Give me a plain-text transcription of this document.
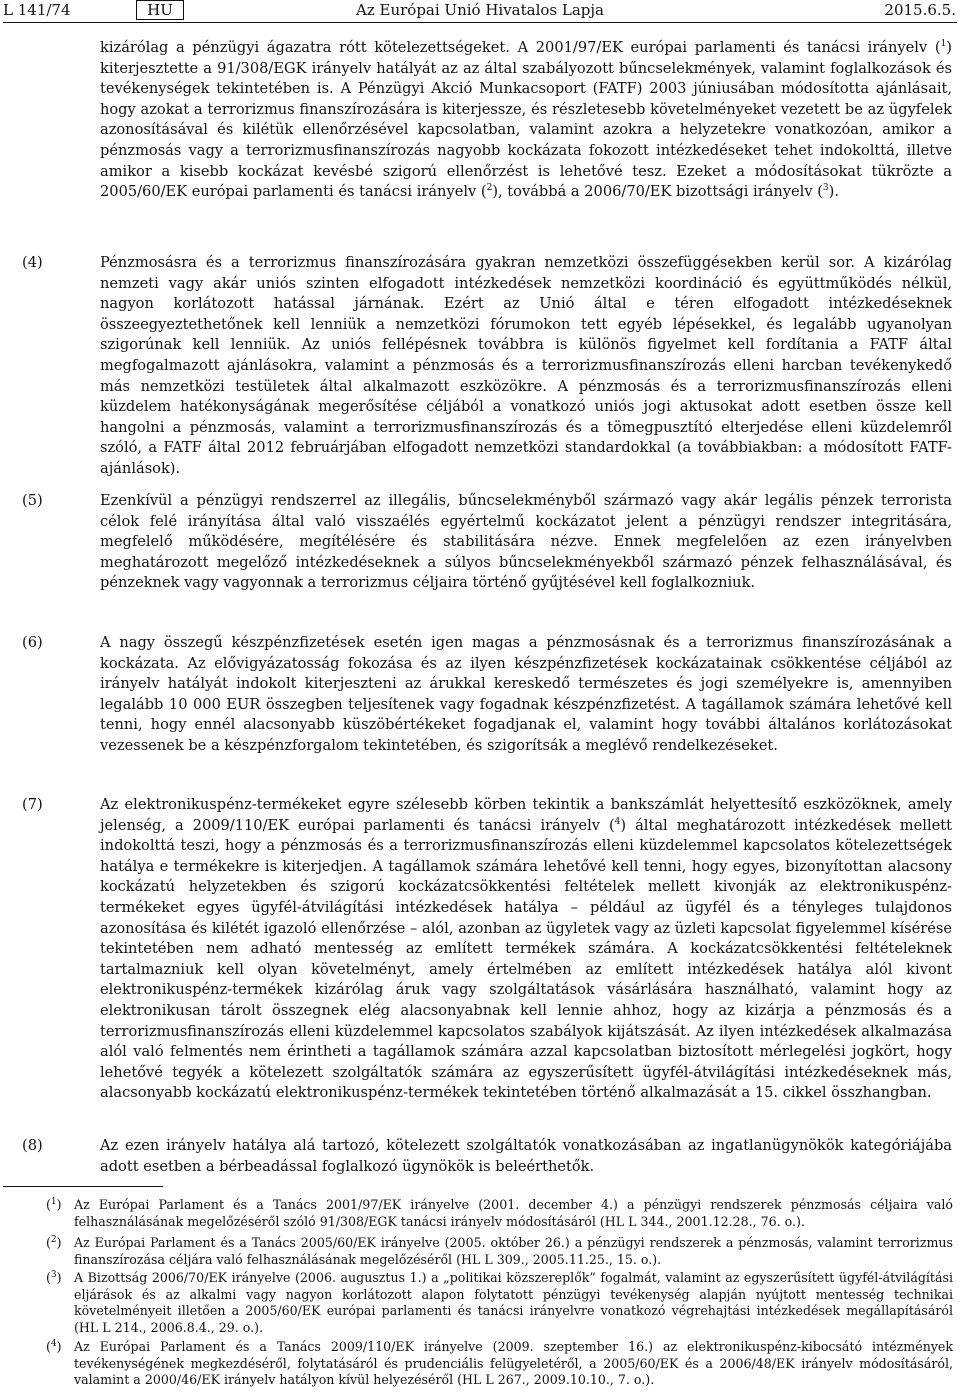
L 141/74	HU	Az Európai Unió Hivatalos Lapja	2015.6.5.
kizárólag a pénzügyi ágazatra rótt kötelezettségeket. A 2001/97/EK európai parlamenti és tanácsi irányelv ($^1$) kiterjesztette a 91/308/EGK irányelv hatályát az az által szabályozott bűncselekmények, valamint foglalkozások és tevékenységek tekintetében is. A Pénzügyi Akció Munkacsoport (FATF) 2003 júniusában módosította ajánlásait, hogy azokat a terrorizmus finanszírozására is kiterjessze, és részletesebb követelményeket vezetett be az ügyfelek azonosításával és kilétük ellenőrzésével kapcsolatban, valamint azokra a helyzetekre vonatkozóan, amikor a pénzmosás vagy a terrorizmusfinanszírozás nagyobb kockázata fokozott intézkedéseket tehet indokolttá, illetve amikor a kisebb kockázat kevésbé szigorú ellenőrzést is lehetővé tesz. Ezeket a módosításokat tükrözte a 2005/60/EK európai parlamenti és tanácsi irányelv ($^2$), továbbá a 2006/70/EK bizottsági irányelv ($^3$).
(4)	Pénzmosásra és a terrorizmus finanszírozására gyakran nemzetközi összefüggésekben kerül sor. A kizárólag nemzeti vagy akár uniós szinten elfogadott intézkedések nemzetközi koordináció és együttműködés nélkül, nagyon korlátozott hatással járnának. Ezért az Unió által e téren elfogadott intézkedéseknek összeegyeztethetőnek kell lenniük a nemzetközi fórumokon tett egyéb lépésekkel, és legalább ugyanolyan szigorúnak kell lenniük. Az uniós fellépésnek továbbra is különös figyelmet kell fordítania a FATF által megfogalmazott ajánlásokra, valamint a pénzmosás és a terrorizmusfinanszírozás elleni harcban tevékenykedő más nemzetközi testületek által alkalmazott eszközökre. A pénzmosás és a terrorizmusfinanszírozás elleni küzdelem hatékonyságának megerősítése céljából a vonatkozó uniós jogi aktusokat adott esetben össze kell hangolni a pénzmosás, valamint a terrorizmusfinanszírozás és a tömegpusztító elterjedése elleni küzdelemről szóló, a FATF által 2012 februárjában elfogadott nemzetközi standardokkal (a továbbiakban: a módosított FATF-ajánlások).
(5)	Ezenkívül a pénzügyi rendszerrel az illegális, bűncselekményből származó vagy akár legális pénzek terrorista célok felé irányítása által való visszaélés egyértelmű kockázatot jelent a pénzügyi rendszer integritására, megfelelő működésére, megítélésére és stabilitására nézve. Ennek megfelelően az ezen irányelvben meghatározott megelőző intézkedéseknek a súlyos bűncselekményekből származó pénzek felhasználásával, és pénzeknek vagy vagyonnak a terrorizmus céljaira történő gyűjtésével kell foglalkozniuk.
(6)	A nagy összegű készpénzfizetések esetén igen magas a pénzmosásnak és a terrorizmus finanszírozásának a kockázata. Az elővigyázatosság fokozása és az ilyen készpénzfizetések kockázatainak csökkentése céljából az irányelv hatályát indokolt kiterjeszteni az árukkal kereskedő természetes és jogi személyekre is, amennyiben legalább 10 000 EUR összegben teljesítenek vagy fogadnak készpénzfizetést. A tagállamok számára lehetővé kell tenni, hogy ennél alacsonyabb küszöbértékeket fogadjanak el, valamint hogy további általános korlátozásokat vezessenek be a készpénzforgalom tekintetében, és szigorítsák a meglévő rendelkezéseket.
(7)	Az elektronikuspénz-termékeket egyre szélesebb körben tekintik a bankszámlát helyettesítő eszközöknek, amely jelenség, a 2009/110/EK európai parlamenti és tanácsi irányelv ($^4$) által meghatározott intézkedések mellett indokolttá teszi, hogy a pénzmosás és a terrorizmusfinanszírozás elleni küzdelemmel kapcsolatos kötelezettségek hatálya e termékekre is kiterjedjen. A tagállamok számára lehetővé kell tenni, hogy egyes, bizonyítottan alacsony kockázatú helyzetekben és szigorú kockázatcsökkentési feltételek mellett kivonják az elektronikuspénz-termékeket egyes ügyfél-átvilágítási intézkedések hatálya – például az ügyfél és a tényleges tulajdonos azonosítása és kilétét igazoló ellenőrzése – alól, azonban az ügyletek vagy az üzleti kapcsolat figyelemmel kísérése tekintetében nem adható mentesség az említett termékek számára. A kockázatcsökkentési feltételeknek tartalmazniuk kell olyan követelményt, amely értelmében az említett intézkedések hatálya alól kivont elektronikuspénz-termékek kizárólag áruk vagy szolgáltatások vásárlására használható, valamint hogy az elektronikusan tárolt összegnek elég alacsonyabnak kell lennie ahhoz, hogy az kizárja a pénzmosás és a terrorizmusfinanszírozás elleni küzdelemmel kapcsolatos szabályok kijátszását. Az ilyen intézkedések alkalmazása alól való felmentés nem érintheti a tagállamok számára azzal kapcsolatban biztosított mérlegelési jogkört, hogy lehetővé tegyék a kötelezett szolgáltatók számára az egyszerűsített ügyfél-átvilágítási intézkedéseknek más, alacsonyabb kockázatú elektronikuspénz-termékek tekintetében történő alkalmazását a 15. cikkel összhangban.
(8)	Az ezen irányelv hatálya alá tartozó, kötelezett szolgáltatók vonatkozásában az ingatlanügynökök kategóriájába adott esetben a bérbeadással foglalkozó ügynökök is beleérthetők.
($^1$) Az Európai Parlament és a Tanács 2001/97/EK irányelve (2001. december 4.) a pénzügyi rendszerek pénzmosás céljaira való felhasználásának megelőzéséről szóló 91/308/EGK tanácsi irányelv módosításáról (HL L 344., 2001.12.28., 76. o.).
($^2$) Az Európai Parlament és a Tanács 2005/60/EK irányelve (2005. október 26.) a pénzügyi rendszerek a pénzmosás, valamint terrorizmus finanszírozása céljára való felhasználásának megelőzéséről (HL L 309., 2005.11.25., 15. o.).
($^3$) A Bizottság 2006/70/EK irányelve (2006. augusztus 1.) a „politikai közszereplők” fogalmát, valamint az egyszerűsített ügyfél-átvilágítási eljárások és az alkalmi vagy nagyon korlátozott alapon folytatott pénzügyi tevékenység alapján nyújtott mentesség technikai követelményeit illetően a 2005/60/EK európai parlamenti és tanácsi irányelvre vonatkozó végrehajtási intézkedések megállapításáról (HL L 214., 2006.8.4., 29. o.).
($^4$) Az Európai Parlament és a Tanács 2009/110/EK irányelve (2009. szeptember 16.) az elektronikuspénz-kibocsátó intézmények tevékenységének megkezdéséről, folytatásáról és prudenciális felügyeletéről, a 2005/60/EK és a 2006/48/EK irányelv módosításáról, valamint a 2000/46/EK irányelv hatályon kívül helyezéséről (HL L 267., 2009.10.10., 7. o.).
